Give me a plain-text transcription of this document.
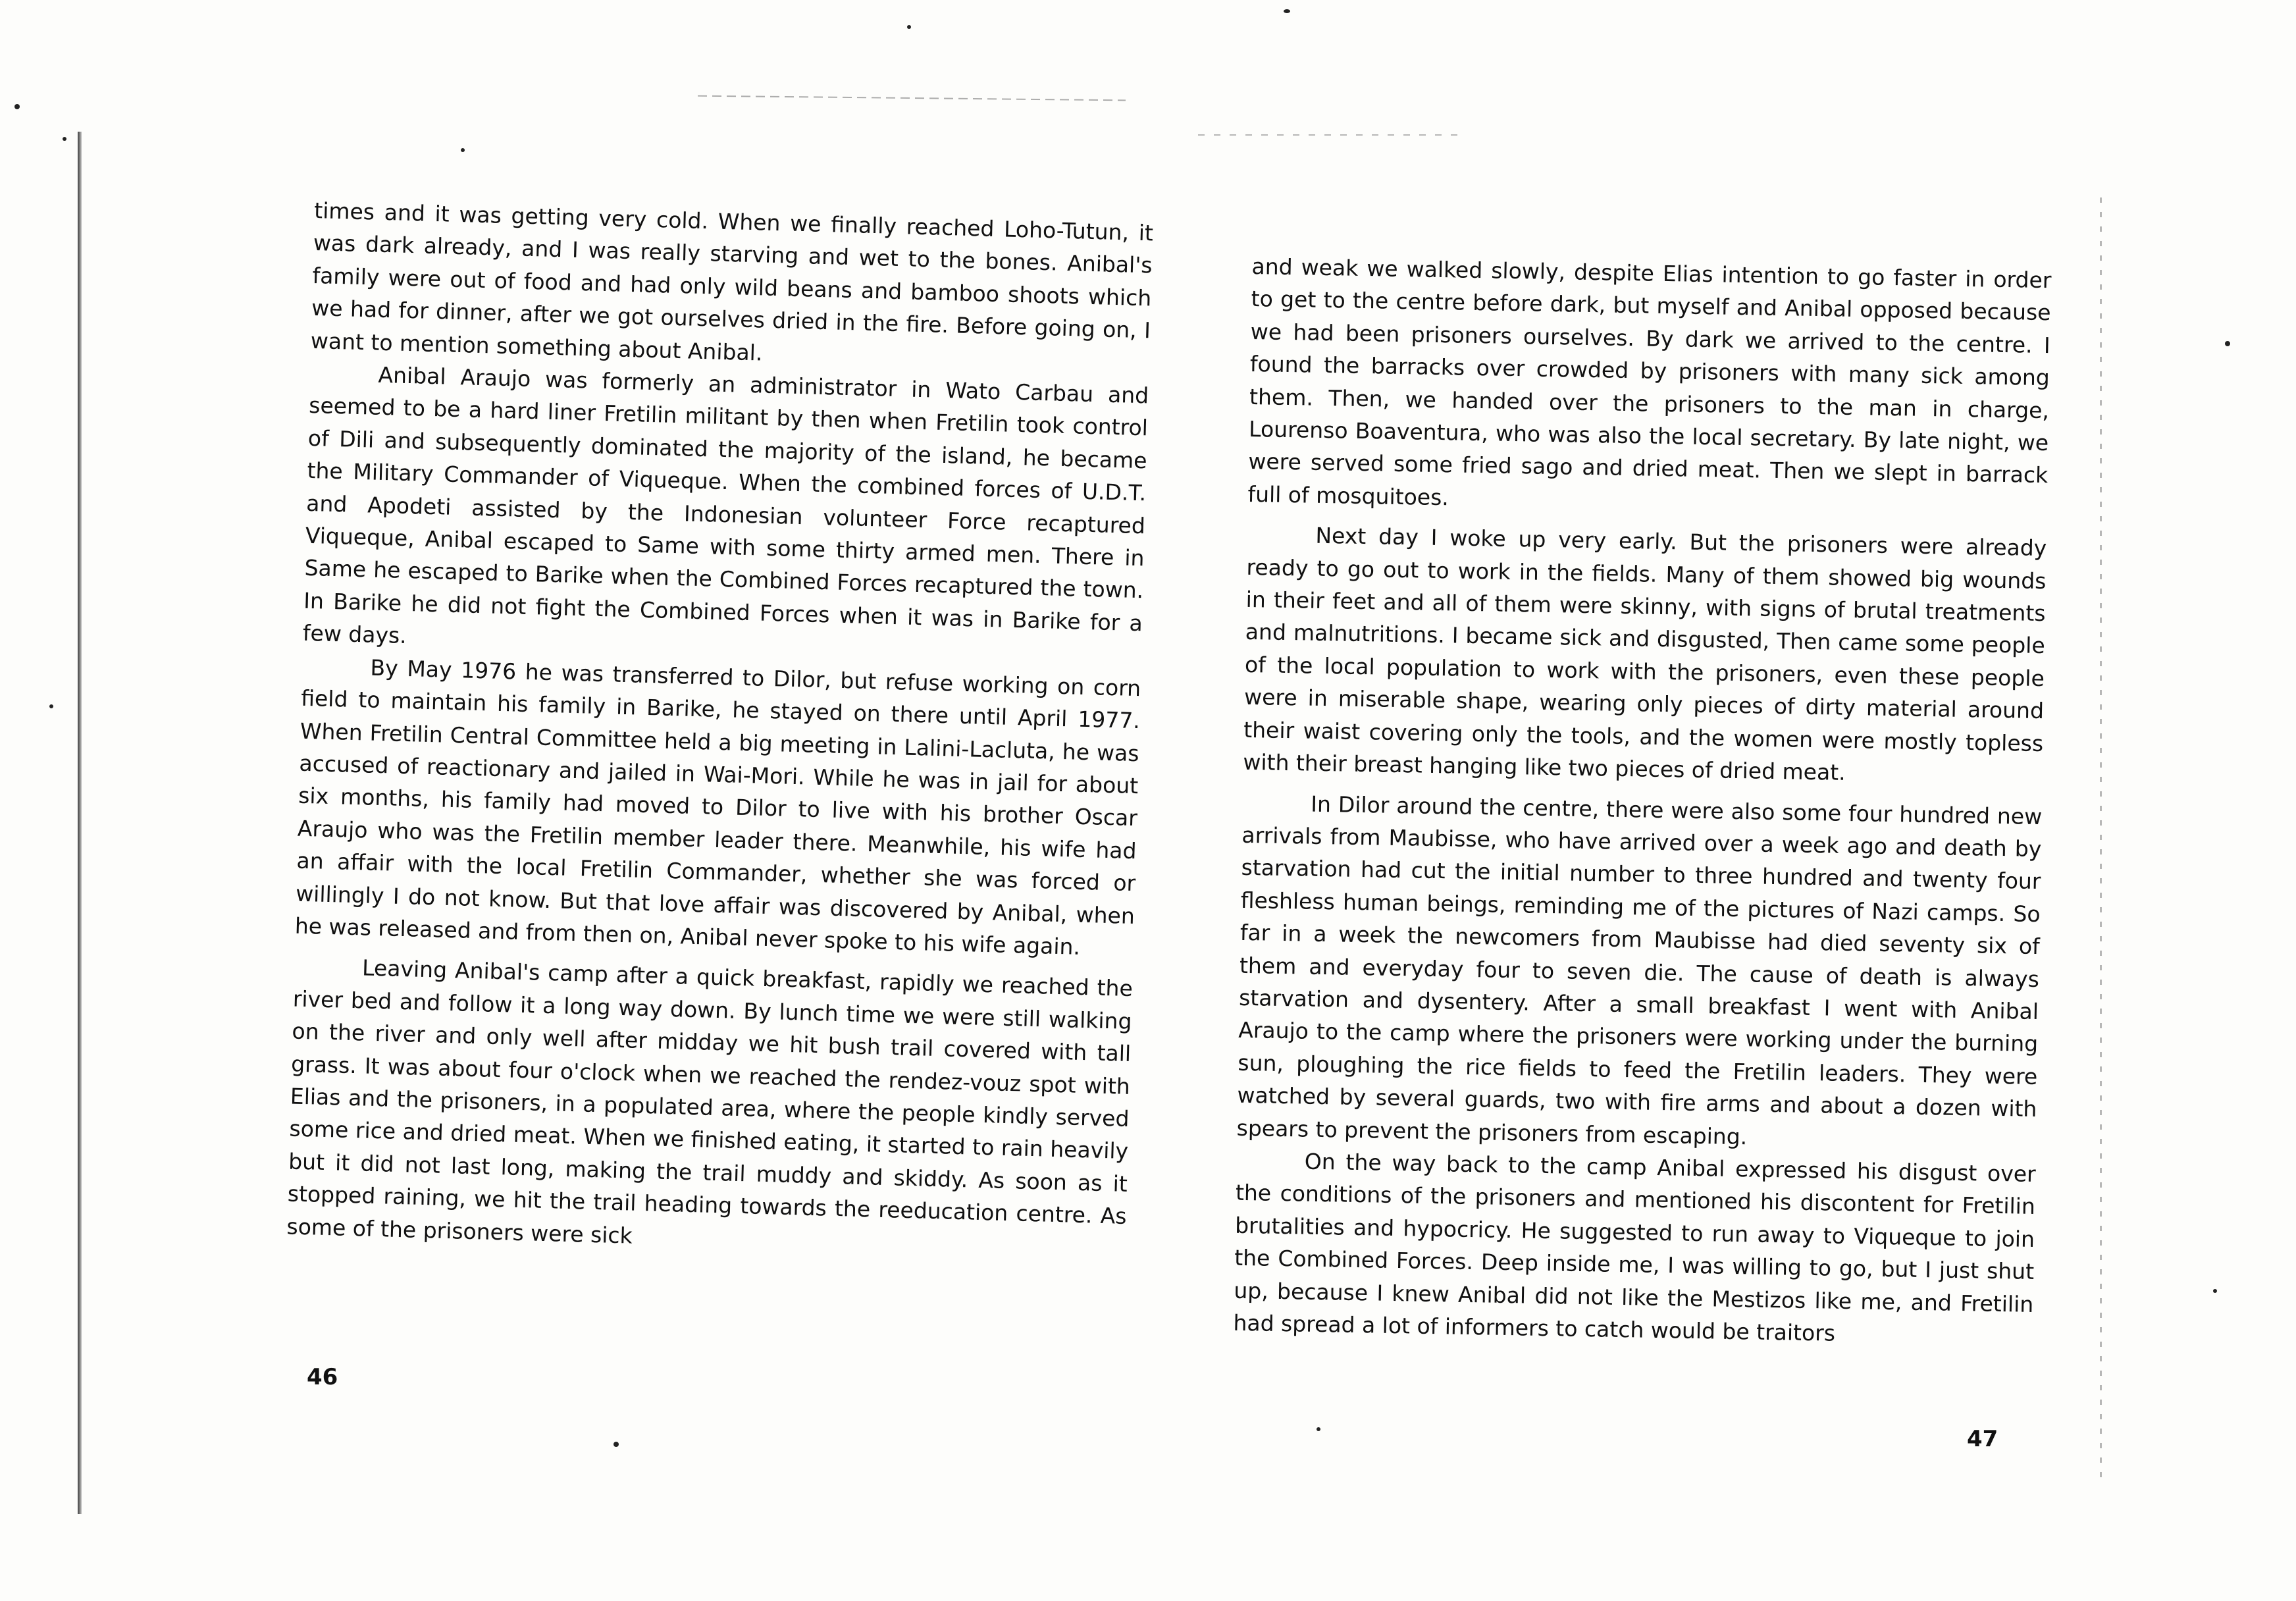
times and it was getting very cold. When we finally reached Loho-Tutun, it was dark already, and I was really starving and wet to the bones. Anibal's family were out of food and had only wild beans and bamboo shoots which we had for dinner, after we got ourselves dried in the fire. Before going on, I want to mention something about Anibal.

Anibal Araujo was formerly an administrator in Wato Carbau and seemed to be a hard liner Fretilin militant by then when Fretilin took control of Dili and subsequently dominated the majority of the island, he became the Military Commander of Viqueque. When the combined forces of U.D.T. and Apodeti assisted by the Indonesian volunteer Force recaptured Viqueque, Anibal escaped to Same with some thirty armed men. There in Same he escaped to Barike when the Combined Forces recaptured the town. In Barike he did not fight the Combined Forces when it was in Barike for a few days.

By May 1976 he was transferred to Dilor, but refuse working on corn field to maintain his family in Barike, he stayed on there until April 1977. When Fretilin Central Committee held a big meeting in Lalini-Lacluta, he was accused of reactionary and jailed in Wai-Mori. While he was in jail for about six months, his family had moved to Dilor to live with his brother Oscar Araujo who was the Fretilin member leader there. Meanwhile, his wife had an affair with the local Fretilin Commander, whether she was forced or willingly I do not know. But that love affair was discovered by Anibal, when he was released and from then on, Anibal never spoke to his wife again.

Leaving Anibal's camp after a quick breakfast, rapidly we reached the river bed and follow it a long way down. By lunch time we were still walking on the river and only well after midday we hit bush trail covered with tall grass. It was about four o'clock when we reached the rendez-vouz spot with Elias and the prisoners, in a populated area, where the people kindly served some rice and dried meat. When we finished eating, it started to rain heavily but it did not last long, making the trail muddy and skiddy. As soon as it stopped raining, we hit the trail heading towards the reeducation centre. As some of the prisoners were sick

and weak we walked slowly, despite Elias intention to go faster in order to get to the centre before dark, but myself and Anibal opposed because we had been prisoners ourselves. By dark we arrived to the centre. I found the barracks over crowded by prisoners with many sick among them. Then, we handed over the prisoners to the man in charge, Lourenso Boaventura, who was also the local secretary. By late night, we were served some fried sago and dried meat. Then we slept in barrack full of mosquitoes.

Next day I woke up very early. But the prisoners were already ready to go out to work in the fields. Many of them showed big wounds in their feet and all of them were skinny, with signs of brutal treatments and malnutritions. I became sick and disgusted, Then came some people of the local population to work with the prisoners, even these people were in miserable shape, wearing only pieces of dirty material around their waist covering only the tools, and the women were mostly topless with their breast hanging like two pieces of dried meat.

In Dilor around the centre, there were also some four hundred new arrivals from Maubisse, who have arrived over a week ago and death by starvation had cut the initial number to three hundred and twenty four fleshless human beings, reminding me of the pictures of Nazi camps. So far in a week the newcomers from Maubisse had died seventy six of them and everyday four to seven die. The cause of death is always starvation and dysentery. After a small breakfast I went with Anibal Araujo to the camp where the prisoners were working under the burning sun, ploughing the rice fields to feed the Fretilin leaders. They were watched by several guards, two with fire arms and about a dozen with spears to prevent the prisoners from escaping.

On the way back to the camp Anibal expressed his disgust over the conditions of the prisoners and mentioned his discontent for Fretilin brutalities and hypocricy. He suggested to run away to Viqueque to join the Combined Forces. Deep inside me, I was willing to go, but I just shut up, because I knew Anibal did not like the Mestizos like me, and Fretilin had spread a lot of informers to catch would be traitors

46
47
